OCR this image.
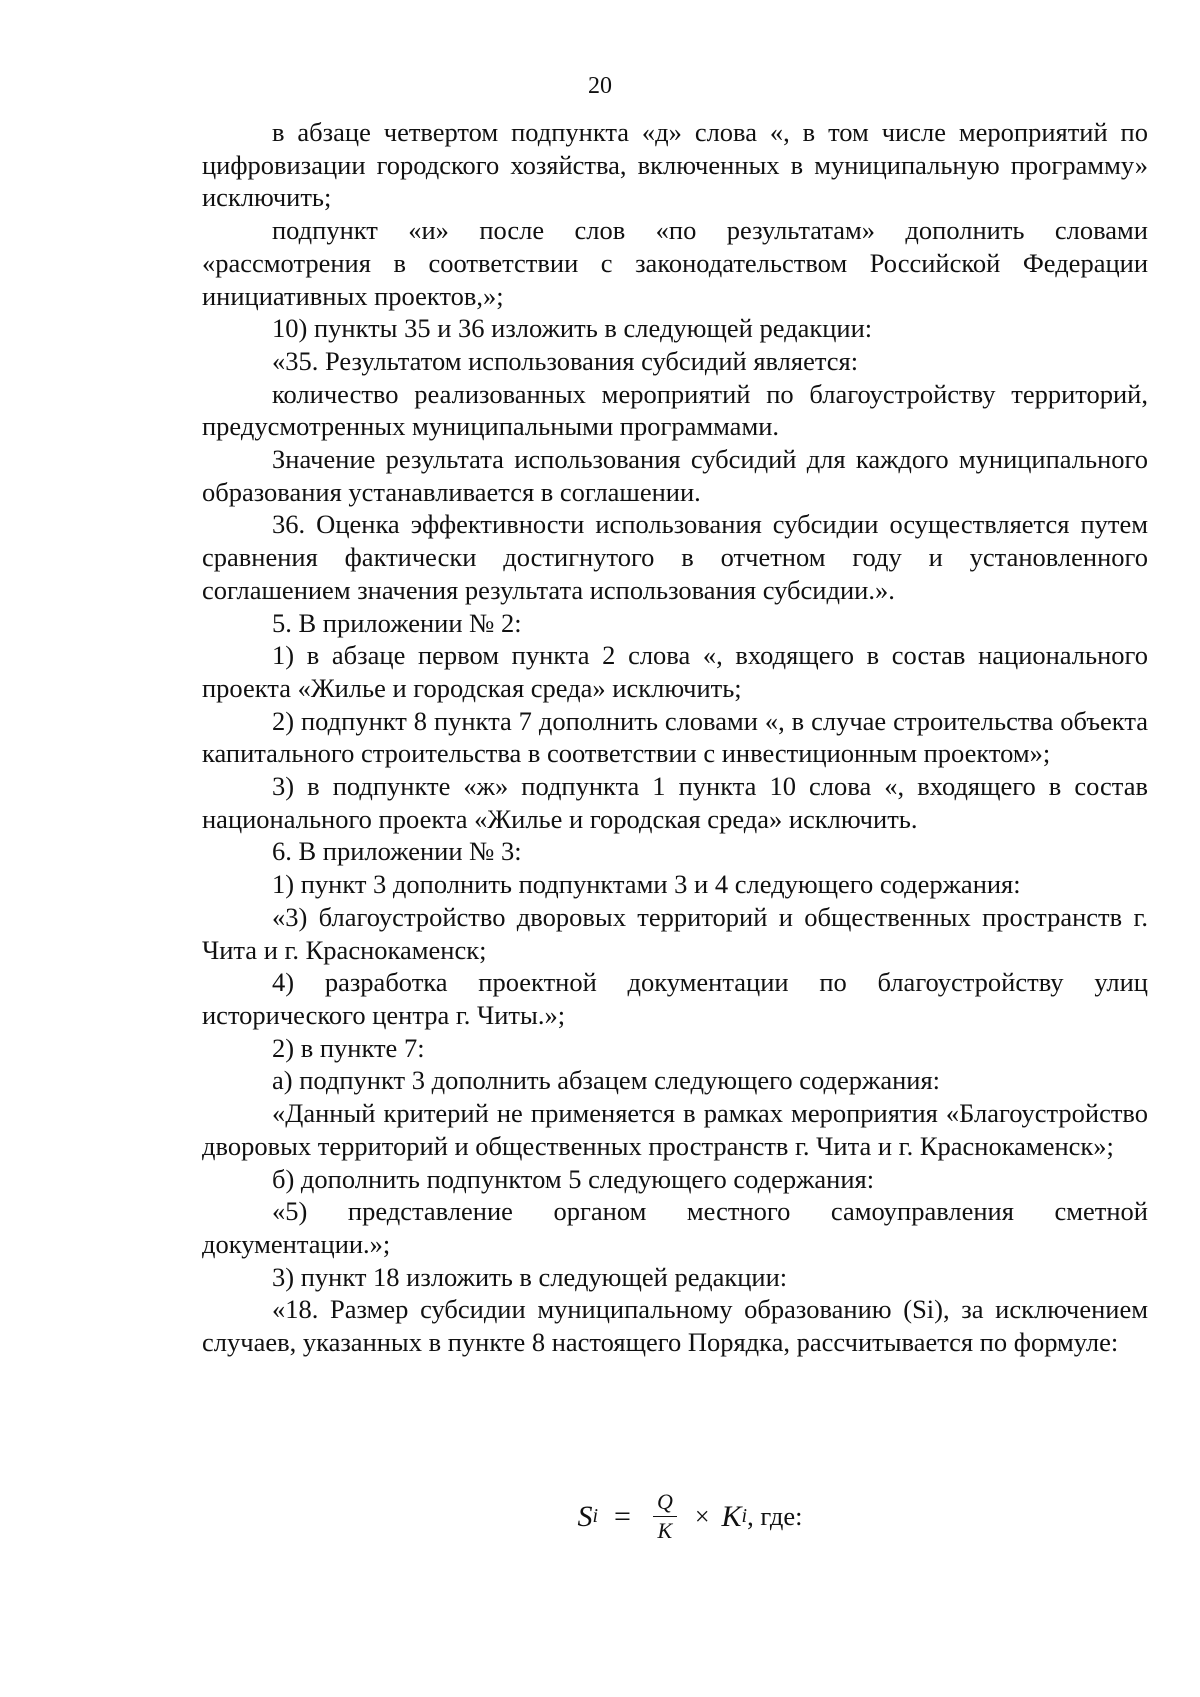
20

в абзаце четвертом подпункта «д» слова «, в том числе мероприятий по цифровизации городского хозяйства, включенных в муниципальную программу» исключить;

подпункт «и» после слов «по результатам» дополнить словами «рассмотрения в соответствии с законодательством Российской Федерации инициативных проектов,»;

10) пункты 35 и 36 изложить в следующей редакции:

«35. Результатом использования субсидий является:

количество реализованных мероприятий по благоустройству территорий, предусмотренных муниципальными программами.

Значение результата использования субсидий для каждого муниципального образования устанавливается в соглашении.

36. Оценка эффективности использования субсидии осуществляется путем сравнения фактически достигнутого в отчетном году и установленного соглашением значения результата использования субсидии.».

5. В приложении № 2:

1) в абзаце первом пункта 2 слова «, входящего в состав национального проекта «Жилье и городская среда» исключить;

2) подпункт 8 пункта 7 дополнить словами «, в случае строительства объекта капитального строительства в соответствии с инвестиционным проектом»;

3) в подпункте «ж» подпункта 1 пункта 10 слова «, входящего в состав национального проекта «Жилье и городская среда» исключить.

6. В приложении № 3:

1) пункт 3 дополнить подпунктами 3 и 4 следующего содержания:

«3) благоустройство дворовых территорий и общественных пространств г. Чита и г. Краснокаменск;

4) разработка проектной документации по благоустройству улиц исторического центра г. Читы.»;

2) в пункте 7:

а) подпункт 3 дополнить абзацем следующего содержания:

«Данный критерий не применяется в рамках мероприятия «Благоустройство дворовых территорий и общественных пространств г. Чита и г. Краснокаменск»;

б) дополнить подпунктом 5 следующего содержания:

«5) представление органом местного самоуправления сметной документации.»;

3) пункт 18 изложить в следующей редакции:

«18. Размер субсидии муниципальному образованию (Si), за исключением случаев, указанных в пункте 8 настоящего Порядка, рассчитывается по формуле:

S $i = \frac{Q}{K} \times K$ i , где:
